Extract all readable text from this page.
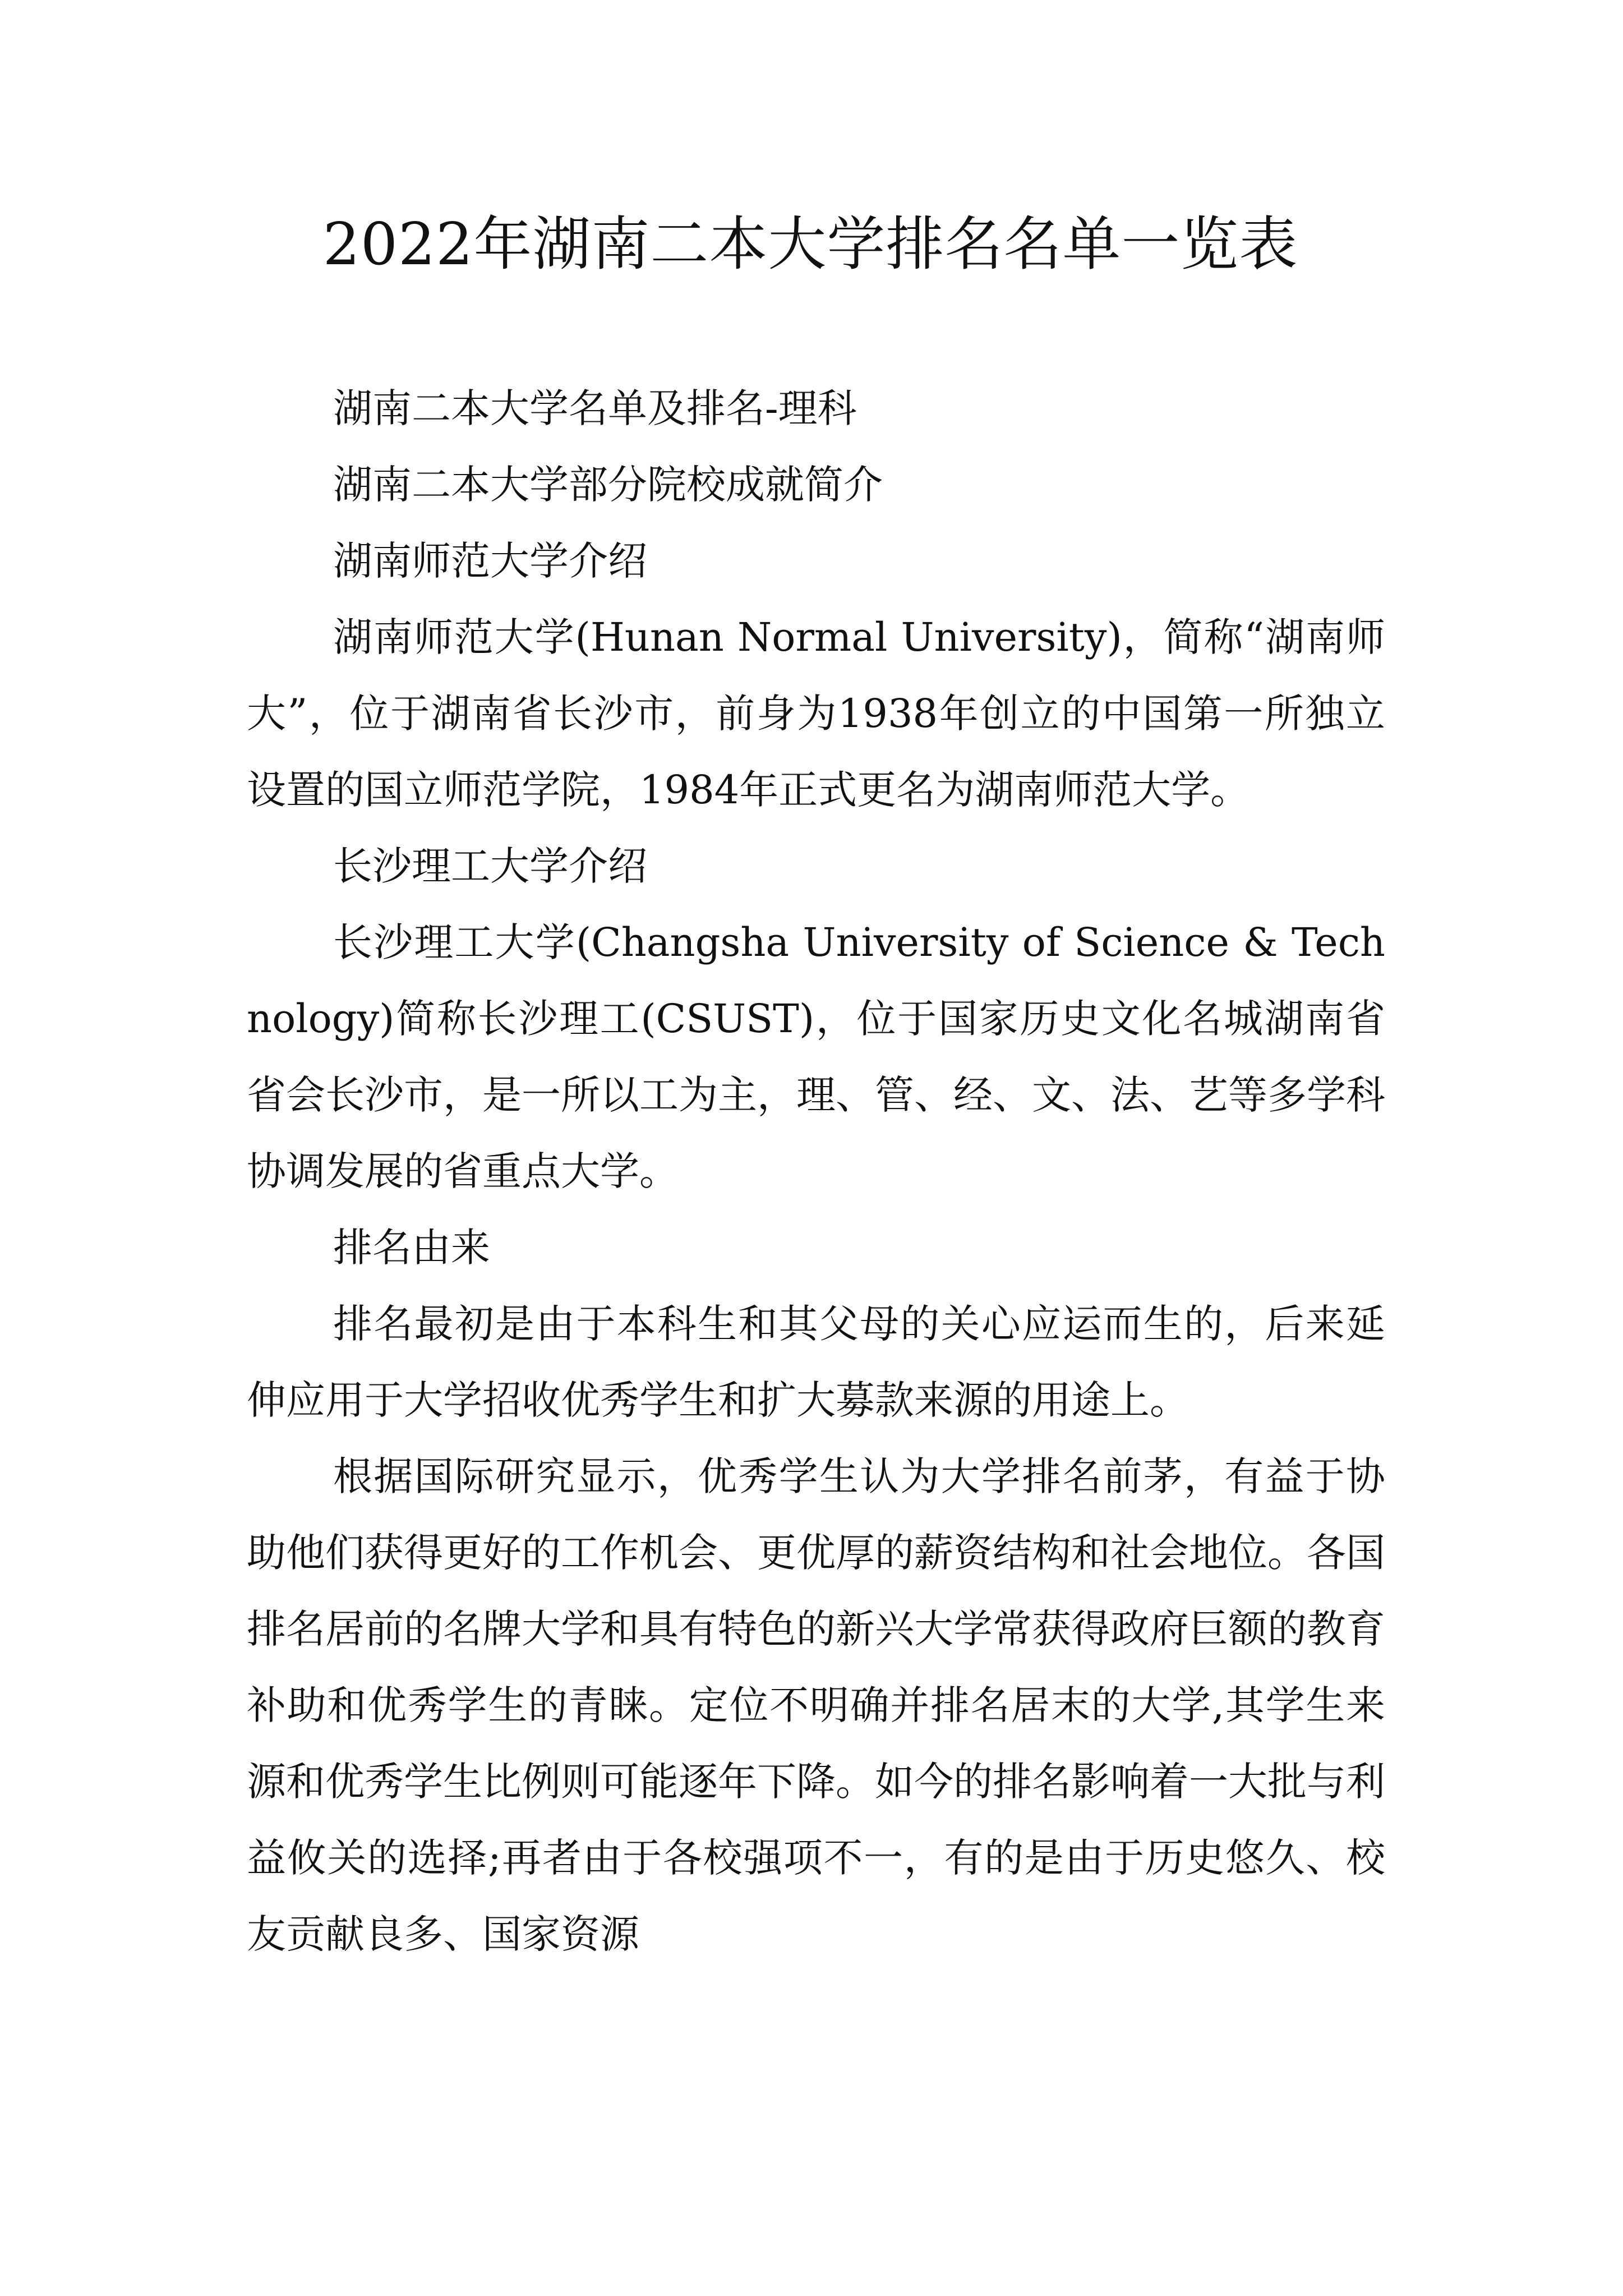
2022年湖南二本大学排名名单一览表

湖南二本大学名单及排名-理科

湖南二本大学部分院校成就简介

湖南师范大学介绍

湖南师范大学(Hunan Normal University)，简称“湖南师大”，位于湖南省长沙市，前身为1938年创立的中国第一所独立设置的国立师范学院，1984年正式更名为湖南师范大学。

长沙理工大学介绍

长沙理工大学(Changsha University of Science & Technology)简称长沙理工(CSUST)，位于国家历史文化名城湖南省省会长沙市，是一所以工为主，理、管、经、文、法、艺等多学科协调发展的省重点大学。

排名由来

排名最初是由于本科生和其父母的关心应运而生的，后来延伸应用于大学招收优秀学生和扩大募款来源的用途上。

根据国际研究显示，优秀学生认为大学排名前茅，有益于协助他们获得更好的工作机会、更优厚的薪资结构和社会地位。各国排名居前的名牌大学和具有特色的新兴大学常获得政府巨额的教育补助和优秀学生的青睐。定位不明确并排名居末的大学,其学生来源和优秀学生比例则可能逐年下降。如今的排名影响着一大批与利益攸关的选择;再者由于各校强项不一，有的是由于历史悠久、校友贡献良多、国家资源
